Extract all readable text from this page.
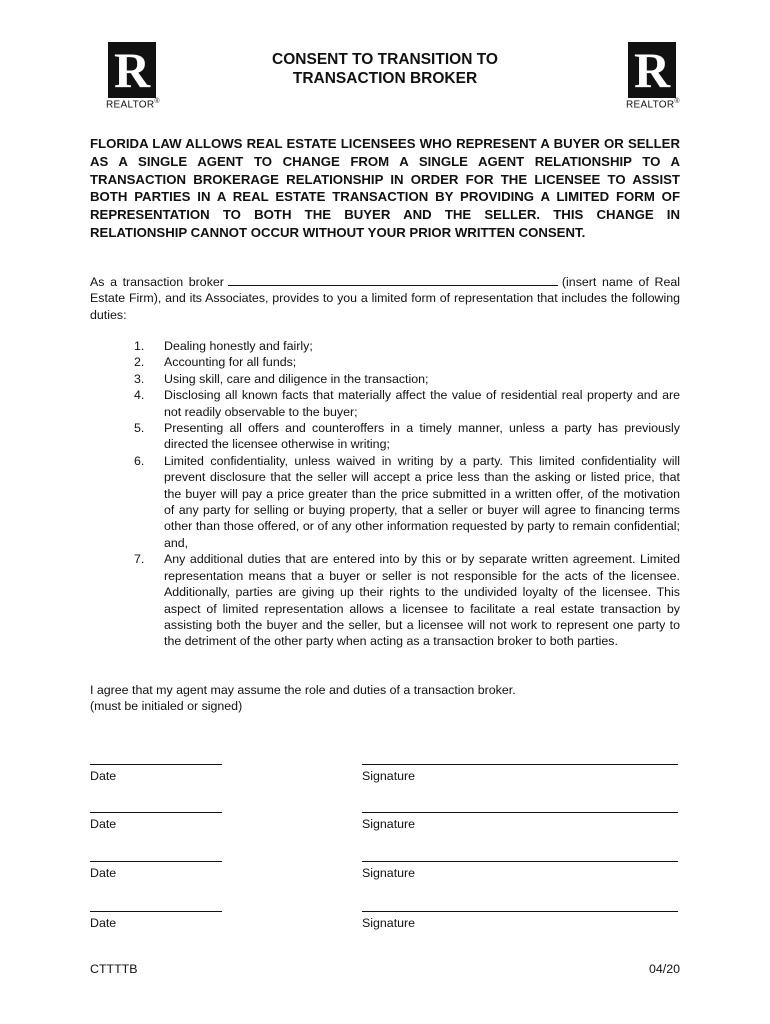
R
REALTOR®
R
REALTOR®
CONSENT TO TRANSITION TO
TRANSACTION BROKER
FLORIDA LAW ALLOWS REAL ESTATE LICENSEES WHO REPRESENT A BUYER OR SELLER AS A SINGLE AGENT TO CHANGE FROM A SINGLE AGENT RELATIONSHIP TO A TRANSACTION BROKERAGE RELATIONSHIP IN ORDER FOR THE LICENSEE TO ASSIST BOTH PARTIES IN A REAL ESTATE TRANSACTION BY PROVIDING A LIMITED FORM OF REPRESENTATION TO BOTH THE BUYER AND THE SELLER. THIS CHANGE IN RELATIONSHIP CANNOT OCCUR WITHOUT YOUR PRIOR WRITTEN CONSENT.
As a transaction broker	(insert name of Real Estate Firm), and its Associates, provides to you a limited form of representation that includes the following duties:
1. Dealing honestly and fairly;
2. Accounting for all funds;
3. Using skill, care and diligence in the transaction;
4. Disclosing all known facts that materially affect the value of residential real property and are not readily observable to the buyer;
5. Presenting all offers and counteroffers in a timely manner, unless a party has previously directed the licensee otherwise in writing;
6. Limited confidentiality, unless waived in writing by a party. This limited confidentiality will prevent disclosure that the seller will accept a price less than the asking or listed price, that the buyer will pay a price greater than the price submitted in a written offer, of the motivation of any party for selling or buying property, that a seller or buyer will agree to financing terms other than those offered, or of any other information requested by party to remain confidential; and,
7. Any additional duties that are entered into by this or by separate written agreement. Limited representation means that a buyer or seller is not responsible for the acts of the licensee. Additionally, parties are giving up their rights to the undivided loyalty of the licensee. This aspect of limited representation allows a licensee to facilitate a real estate transaction by assisting both the buyer and the seller, but a licensee will not work to represent one party to the detriment of the other party when acting as a transaction broker to both parties.
I agree that my agent may assume the role and duties of a transaction broker.
(must be initialed or signed)
Date	Signature
Date	Signature
Date	Signature
Date	Signature
CTTTTB	04/20
